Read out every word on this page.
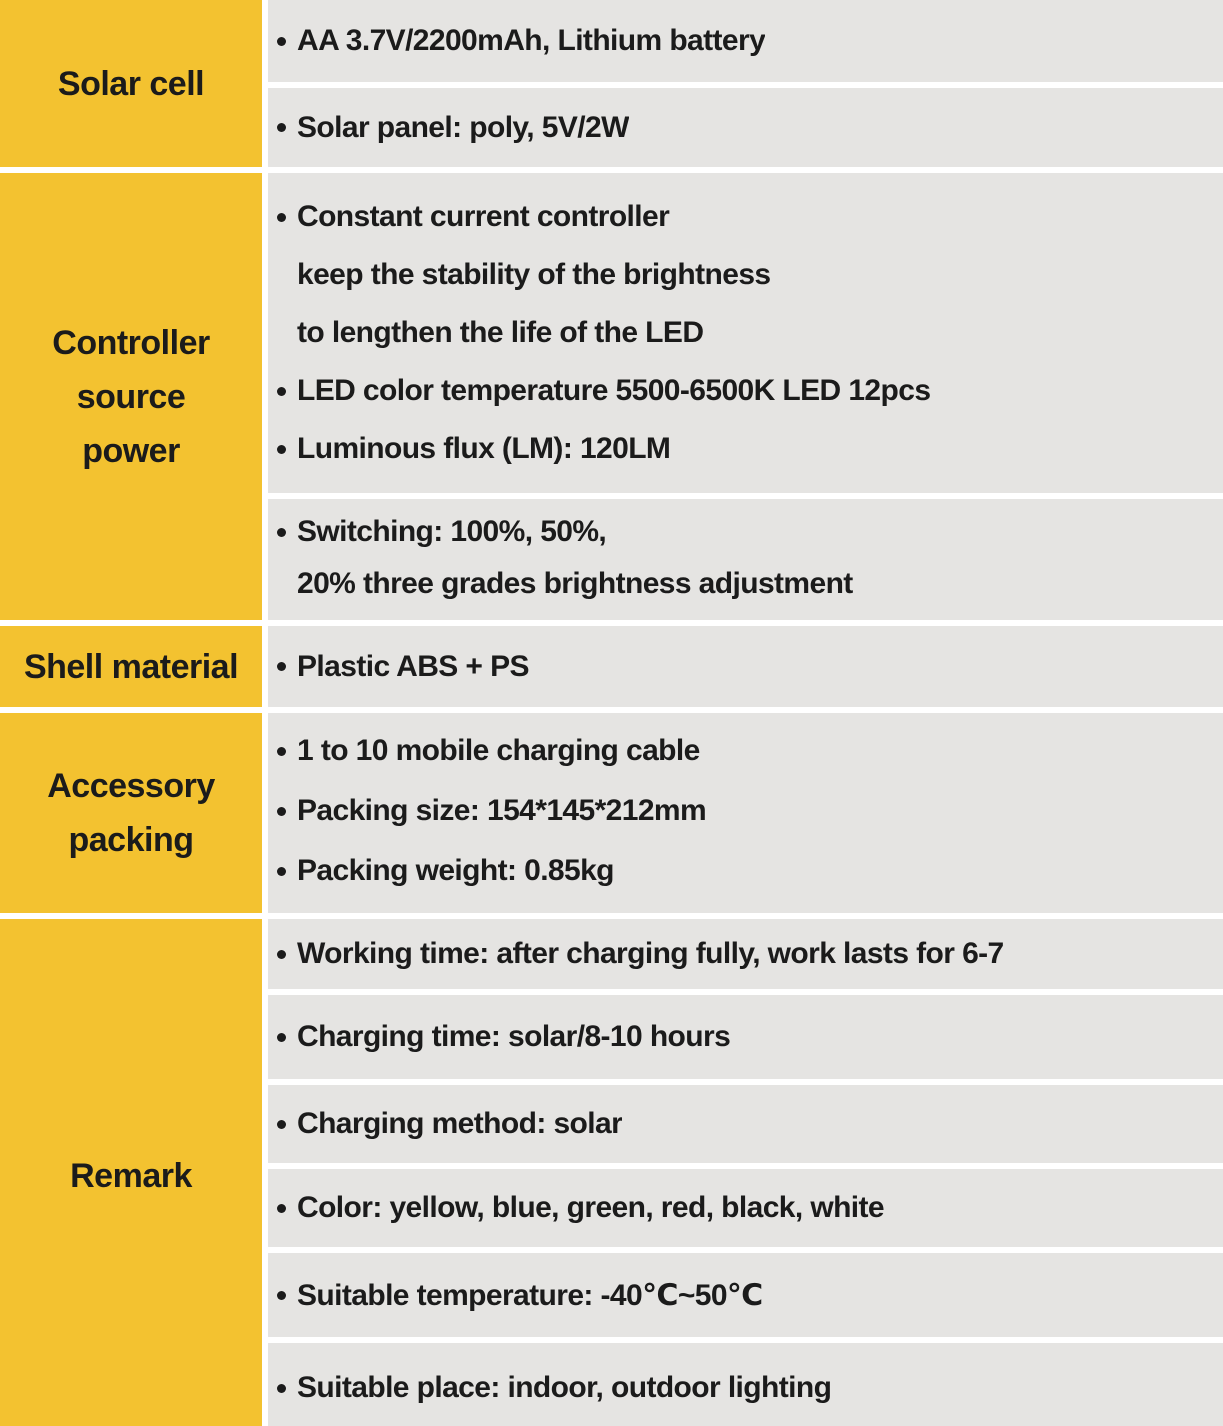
Solar cell
AA 3.7V/2200mAh, Lithium battery
Solar panel: poly, 5V/2W
Controller
source
power
Constant current controller
keep the stability of the brightness
to lengthen the life of the LED
LED color temperature 5500-6500K LED 12pcs
Luminous flux (LM): 120LM
Switching: 100%, 50%,
20% three grades brightness adjustment
Shell material Plastic ABS + PS
Accessory
packing
1 to 10 mobile charging cable
Packing size: 154*145*212mm
Packing weight: 0.85kg
Remark
Working time: after charging fully, work lasts for 6-7
Charging time: solar/8-10 hours
Charging method: solar
Color: yellow, blue, green, red, black, white
Suitable temperature: -40℃~50℃
Suitable place: indoor, outdoor lighting
